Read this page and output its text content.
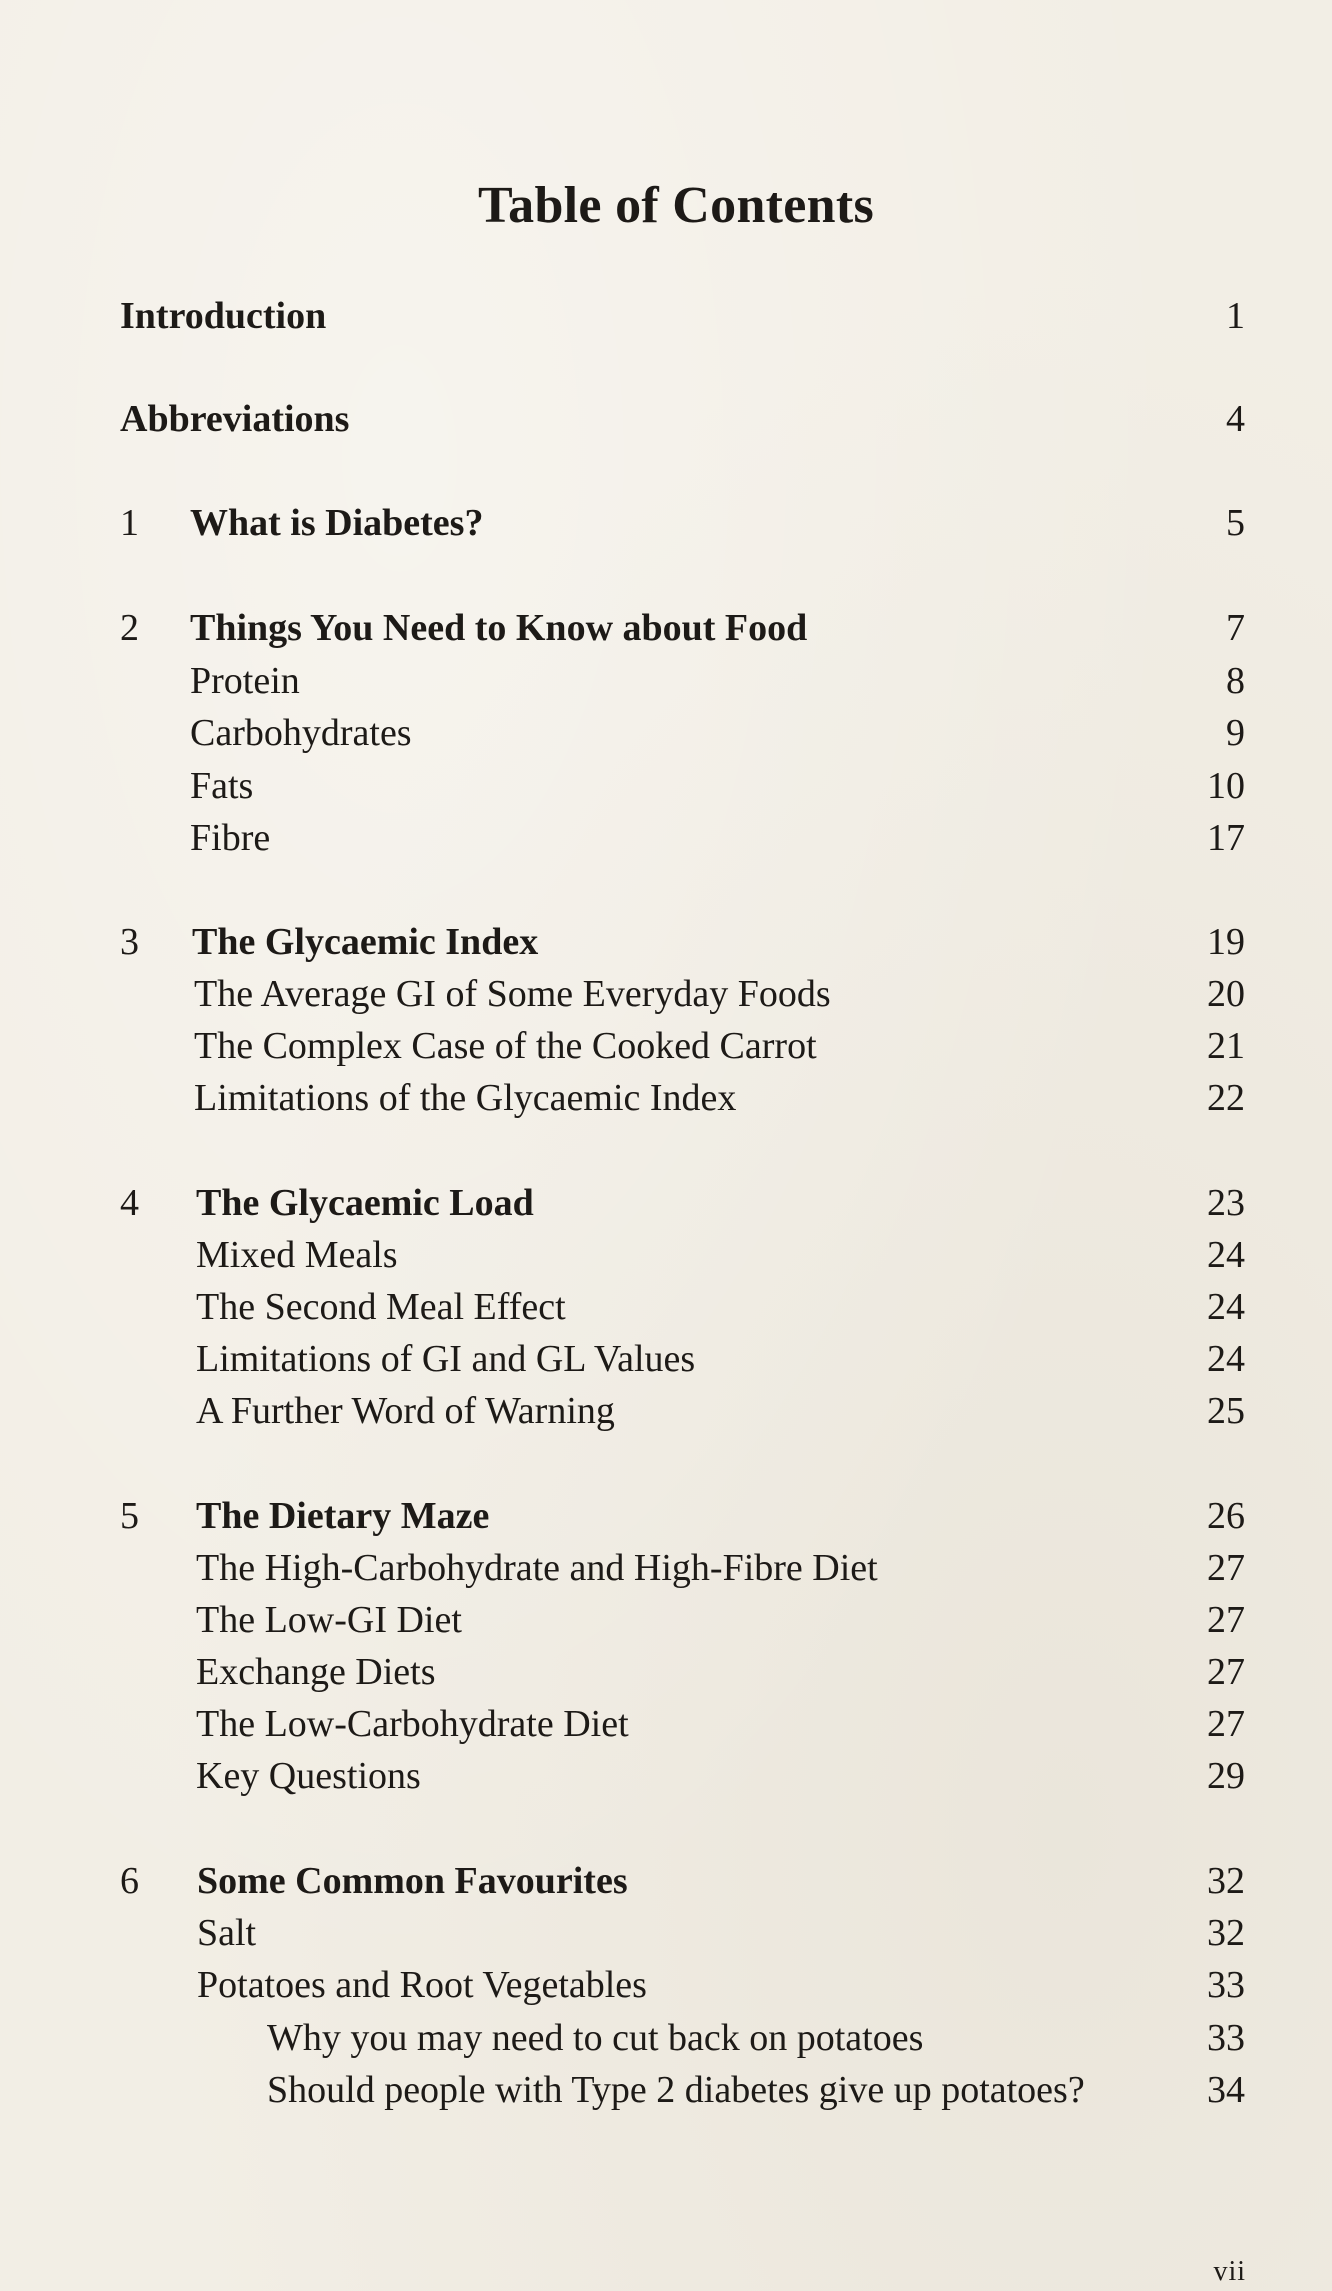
Table of Contents
Introduction	1
Abbreviations	4
1 What is Diabetes?	5
2 Things You Need to Know about Food	7
Protein	8
Carbohydrates	9
Fats	10
Fibre	17
3 The Glycaemic Index	19
The Average GI of Some Everyday Foods	20
The Complex Case of the Cooked Carrot	21
Limitations of the Glycaemic Index	22
4 The Glycaemic Load	23
Mixed Meals	24
The Second Meal Effect	24
Limitations of GI and GL Values	24
A Further Word of Warning	25
5 The Dietary Maze	26
The High-Carbohydrate and High-Fibre Diet	27
The Low-GI Diet	27
Exchange Diets	27
The Low-Carbohydrate Diet	27
Key Questions	29
6 Some Common Favourites	32
Salt	32
Potatoes and Root Vegetables	33
Why you may need to cut back on potatoes	33
Should people with Type 2 diabetes give up potatoes?	34
vii
